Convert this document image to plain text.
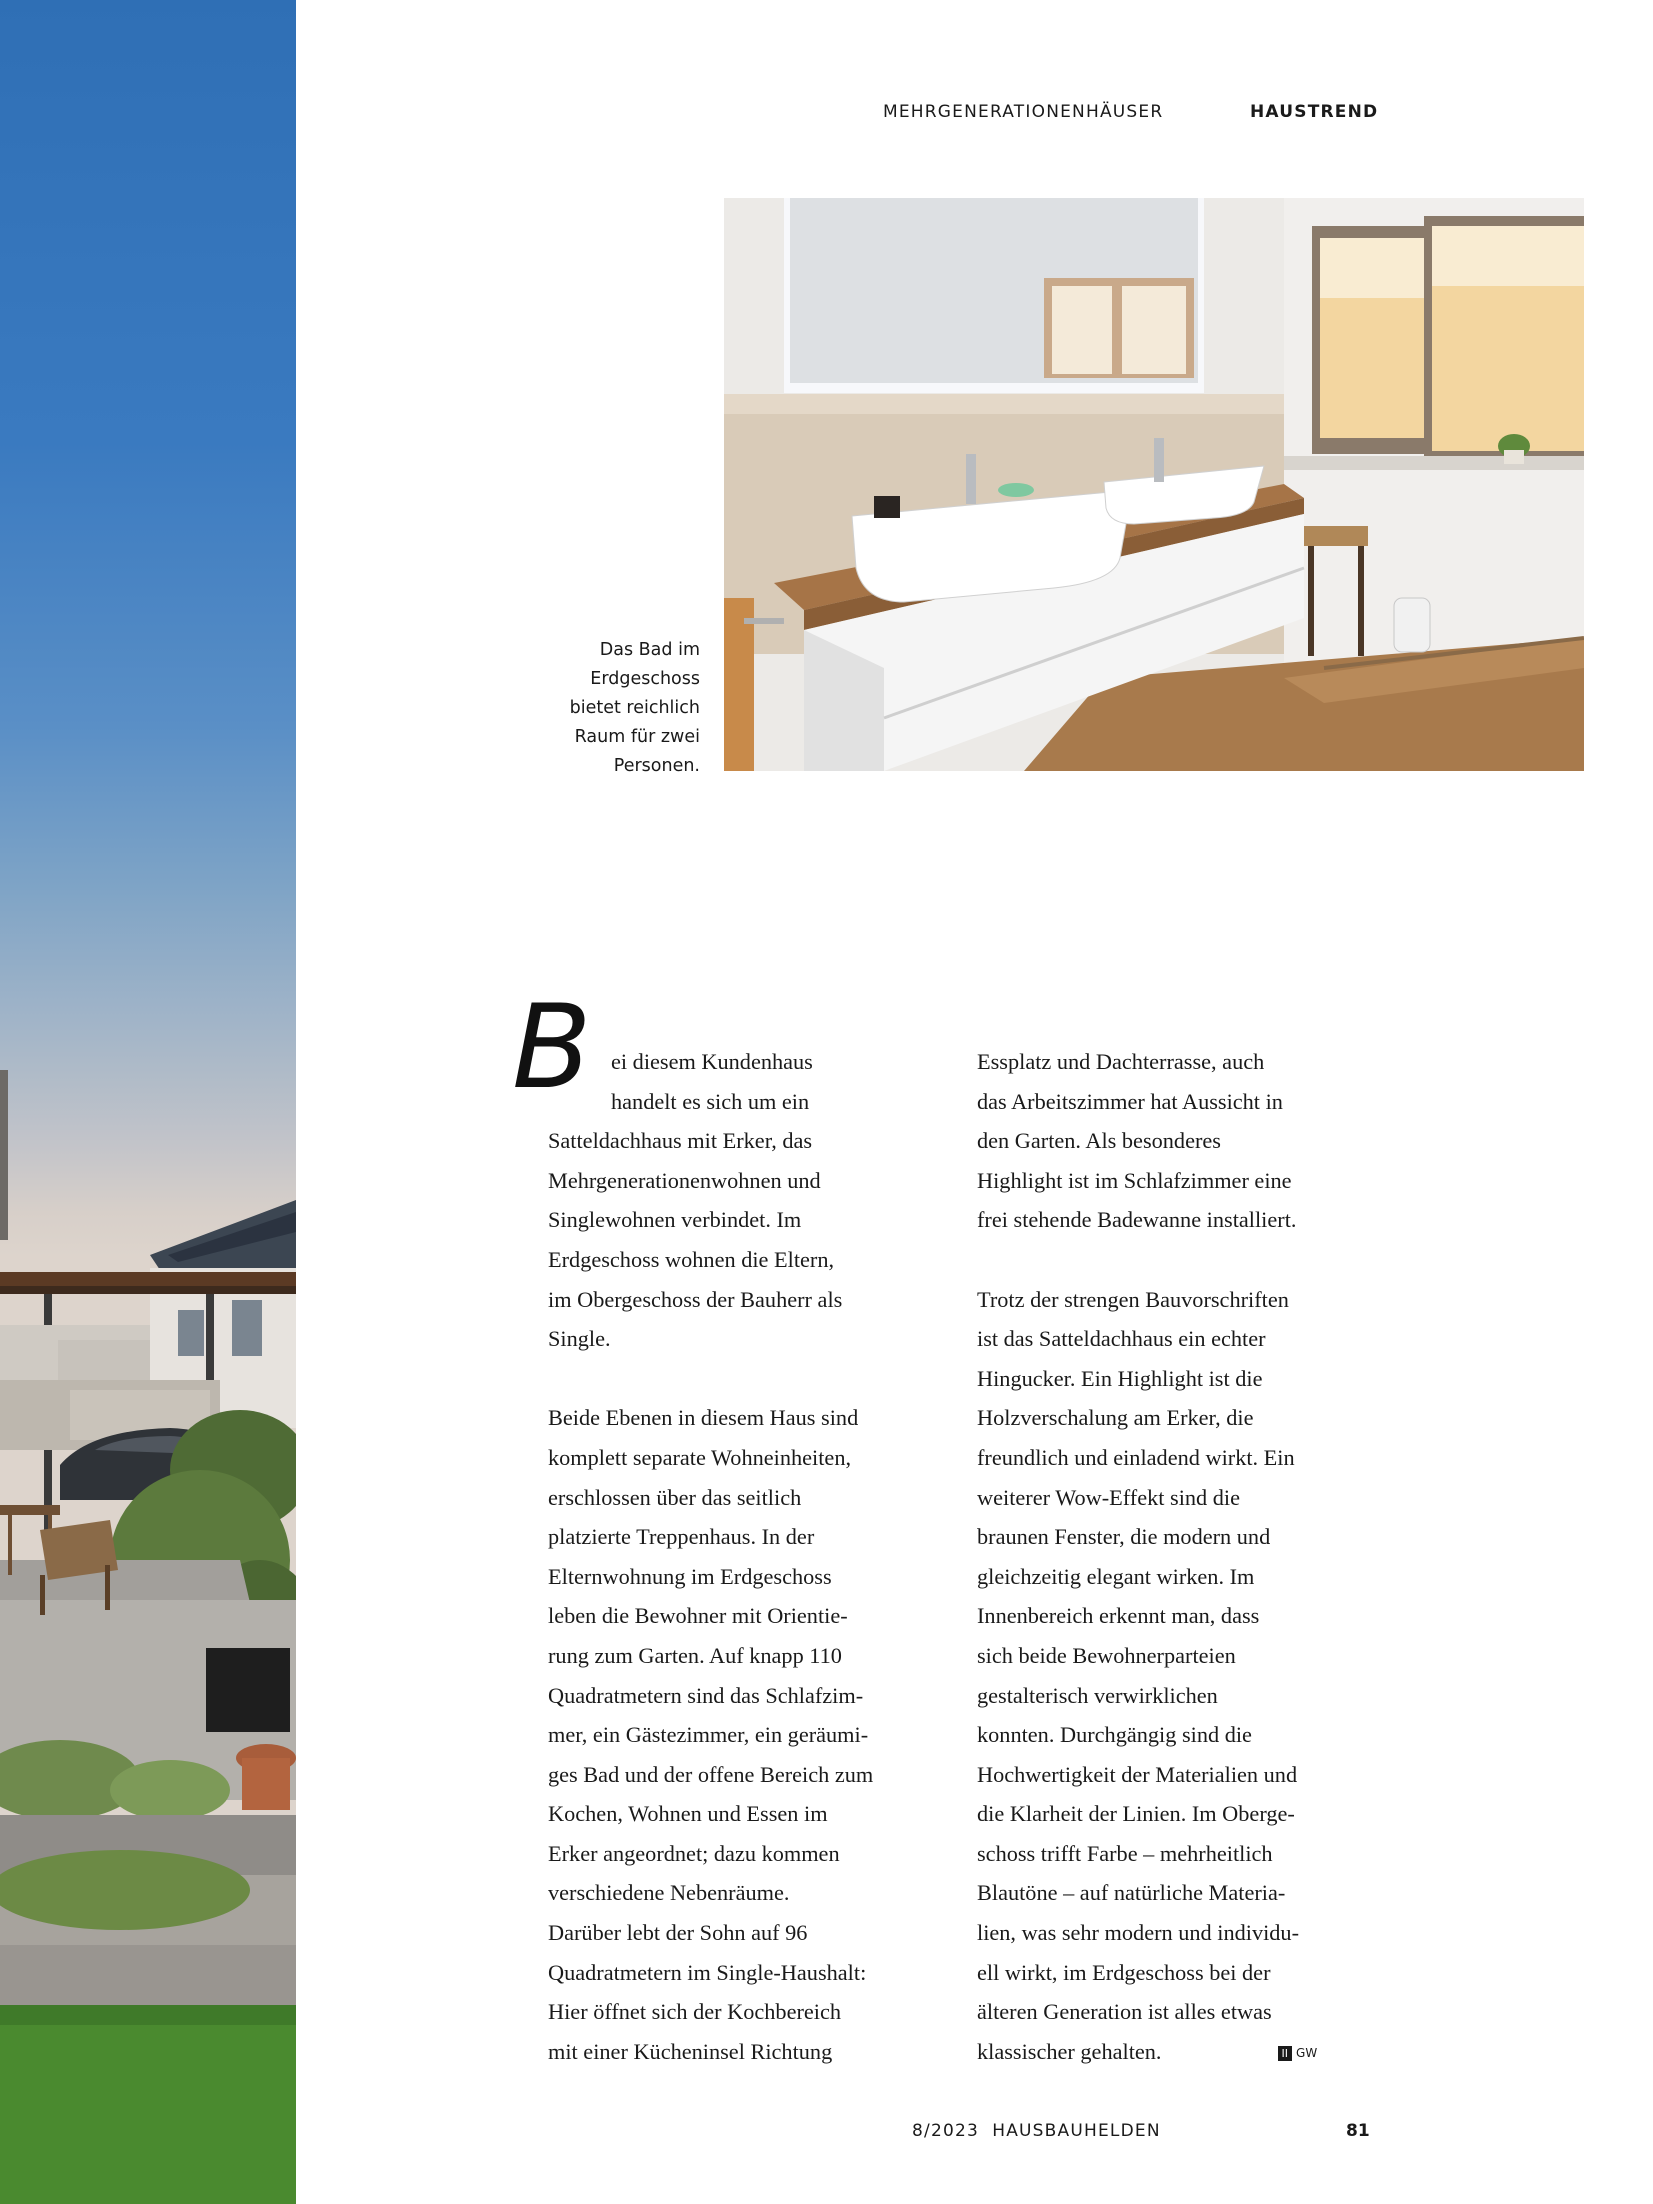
MEHRGENERATIONENHÄUSER	HAUSTREND
Das Bad im
Erdgeschoss
bietet reichlich
Raum für zwei
Personen.
B ei diesem Kundenhaus

handelt es sich um ein

Satteldachhaus mit Erker, das

Mehrgenerationenwohnen und

Singlewohnen verbindet. Im

Erdgeschoss wohnen die Eltern,

im Obergeschoss der Bauherr als

Single.

Beide Ebenen in diesem Haus sind

komplett separate Wohneinheiten,

erschlossen über das seitlich

platzierte Treppenhaus. In der

Elternwohnung im Erdgeschoss

leben die Bewohner mit Orientie-

rung zum Garten. Auf knapp 110

Quadratmetern sind das Schlafzim-

mer, ein Gästezimmer, ein geräumi-

ges Bad und der offene Bereich zum

Kochen, Wohnen und Essen im

Erker angeordnet; dazu kommen

verschiedene Nebenräume.

Darüber lebt der Sohn auf 96

Quadratmetern im Single-Haushalt:

Hier öffnet sich der Kochbereich

mit einer Kücheninsel Richtung

Essplatz und Dachterrasse, auch

das Arbeitszimmer hat Aussicht in

den Garten. Als besonderes

Highlight ist im Schlafzimmer eine

frei stehende Badewanne installiert.

Trotz der strengen Bauvorschriften

ist das Satteldachhaus ein echter

Hingucker. Ein Highlight ist die

Holzverschalung am Erker, die

freundlich und einladend wirkt. Ein

weiterer Wow-Effekt sind die

braunen Fenster, die modern und

gleichzeitig elegant wirken. Im

Innenbereich erkennt man, dass

sich beide Bewohnerparteien

gestalterisch verwirklichen

konnten. Durchgängig sind die

Hochwertigkeit der Materialien und

die Klarheit der Linien. Im Oberge-

schoss trifft Farbe – mehrheitlich

Blautöne – auf natürliche Materia-

lien, was sehr modern und individu-

ell wirkt, im Erdgeschoss bei der

älteren Generation ist alles etwas

klassischer gehalten.	II GW

8/2023  HAUSBAUHELDEN	81
